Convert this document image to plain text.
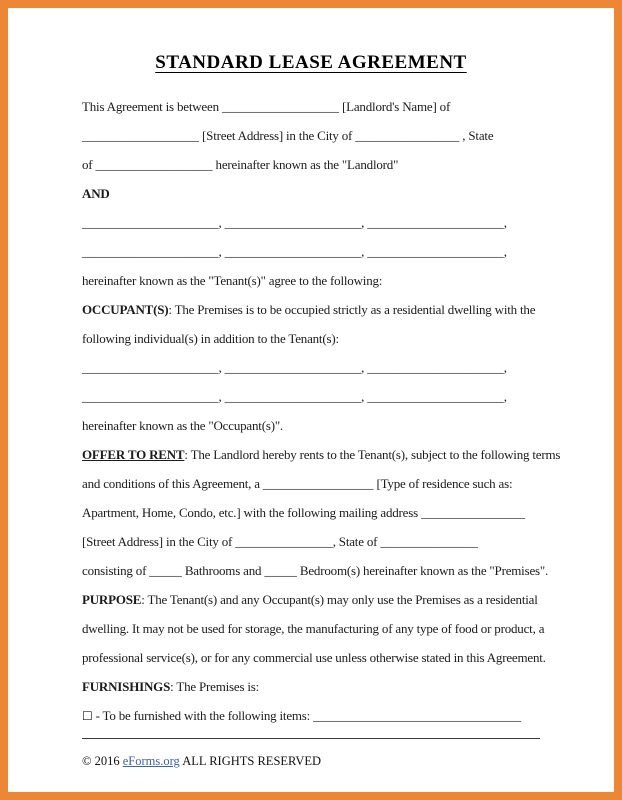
STANDARD LEASE AGREEMENT
This Agreement is between __________________ [Landlord's Name] of
__________________ [Street Address] in the City of ________________ , State
of __________________ hereinafter known as the "Landlord"
AND
_____________________, _____________________, _____________________,
_____________________, _____________________, _____________________,
hereinafter known as the "Tenant(s)" agree to the following:
OCCUPANT(S): The Premises is to be occupied strictly as a residential dwelling with the
following individual(s) in addition to the Tenant(s):
_____________________, _____________________, _____________________,
_____________________, _____________________, _____________________,
hereinafter known as the "Occupant(s)".
OFFER TO RENT: The Landlord hereby rents to the Tenant(s), subject to the following terms
and conditions of this Agreement, a _________________ [Type of residence such as:
Apartment, Home, Condo, etc.] with the following mailing address ________________
[Street Address] in the City of _______________, State of _______________
consisting of _____ Bathrooms and _____ Bedroom(s) hereinafter known as the "Premises".
PURPOSE: The Tenant(s) and any Occupant(s) may only use the Premises as a residential
dwelling. It may not be used for storage, the manufacturing of any type of food or product, a
professional service(s), or for any commercial use unless otherwise stated in this Agreement.
FURNISHINGS: The Premises is:
☐ - To be furnished with the following items: ________________________________
© 2016 eForms.org ALL RIGHTS RESERVED
